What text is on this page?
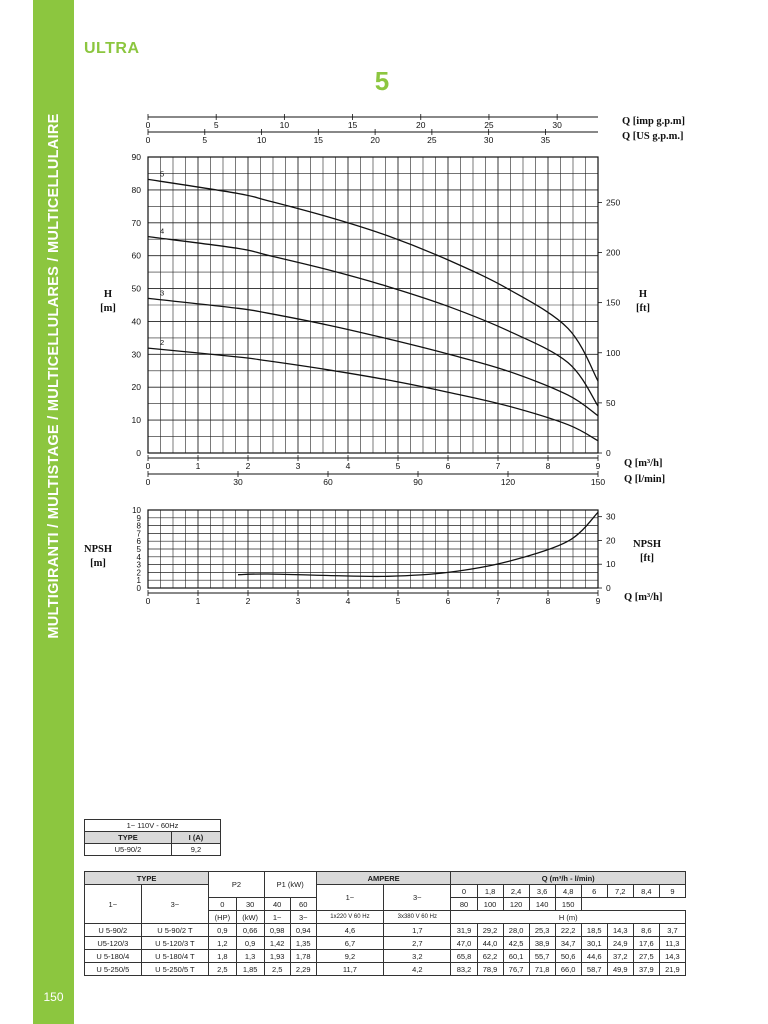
MULTIGIRANTI / MULTISTAGE / MULTICELLULARES / MULTICELLULAIRE
150
ULTRA
5
0	1	2	3	4	5	6	7	8	9
0	30	60	90	120	150
Q [m³/h]
Q [l/min]
0	5	10	15	20	25	30
0	5	10	15	20	25	30	35
Q [imp g.p.m]
Q [US g.p.m.]
0
10
20
30
40
50
60
70
80
90
H
[m]
0
50
100
150
200
250
H
[ft]
2
3
4
5
0	1	2	3	4	5	6	7	8	9 Q [m³/h]
0
1
2
3
4
5
6
7
8
9
10
NPSH
[m]
0
10
20
30
NPSH
[ft]
1~ 110V - 60Hz	
TYPE	I (A)
U5-90/2	9,2
TYPE		P2		P1 (kW)		AMPERE		Q (m³/h - l/min)								
1~	3~					1~	3~	0	1,8	2,4	3,6	4,8	6	7,2	8,4	9
		0	30	40	60			80	100	120	140	150				
		(HP)	(kW)	1~	3~	1x220 V 60 Hz	3x380 V 60 Hz	H (m)								
U 5-90/2	U 5-90/2 T	0,9	0,66	0,98	0,94	4,6	1,7	31,9	29,2	28,0	25,3	22,2	18,5	14,3	8,6	3,7
U5-120/3	U 5-120/3 T	1,2	0,9	1,42	1,35	6,7	2,7	47,0	44,0	42,5	38,9	34,7	30,1	24,9	17,6	11,3
U 5-180/4	U 5-180/4 T	1,8	1,3	1,93	1,78	9,2	3,2	65,8	62,2	60,1	55,7	50,6	44,6	37,2	27,5	14,3
U 5-250/5	U 5-250/5 T	2,5	1,85	2,5	2,29	11,7	4,2	83,2	78,9	76,7	71,8	66,0	58,7	49,9	37,9	21,9
